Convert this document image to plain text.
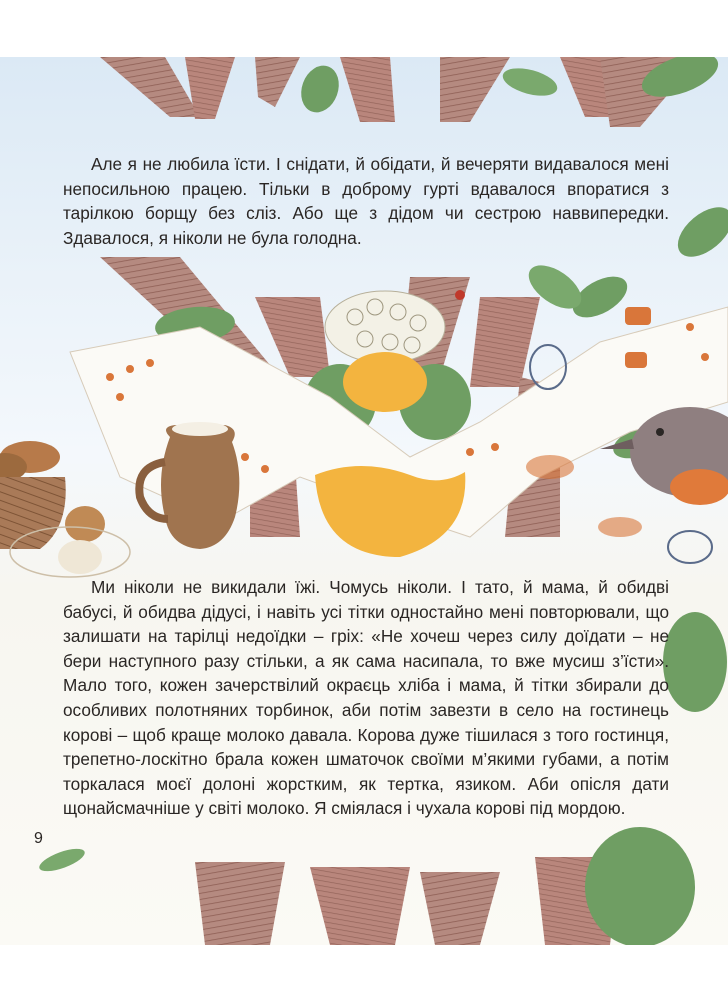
Але я не любила їсти. І снідати, й обідати, й вечеряти видавалося мені непосильною працею. Тільки в доброму гурті вдавалося впоратися з тарілкою борщу без сліз. Або ще з дідом чи сестрою наввипередки. Здавалося, я ніколи не була голодна.

Ми ніколи не викидали їжі. Чомусь ніколи. І тато, й мама, й обидві бабусі, й обидва дідусі, і навіть усі тітки одностайно мені повторювали, що залишати на тарілці недоїдки – гріх: «Не хочеш через силу доїдати – не бери наступного разу стільки, а як сама насипала, то вже мусиш з’їсти». Мало того, кожен зачерствілий окраєць хліба і мама, й тітки збирали до особливих полотняних торбинок, аби потім завезти в село на гостинець корові – щоб краще молоко давала. Корова дуже тішилася з того гостинця, трепетно-лоскітно брала кожен шматочок своїми м’якими губами, а потім торкалася моєї долоні жорстким, як тертка, язиком. Аби опісля дати щонайсмачніше у світі молоко. Я сміялася і чухала корові під мордою.

9
